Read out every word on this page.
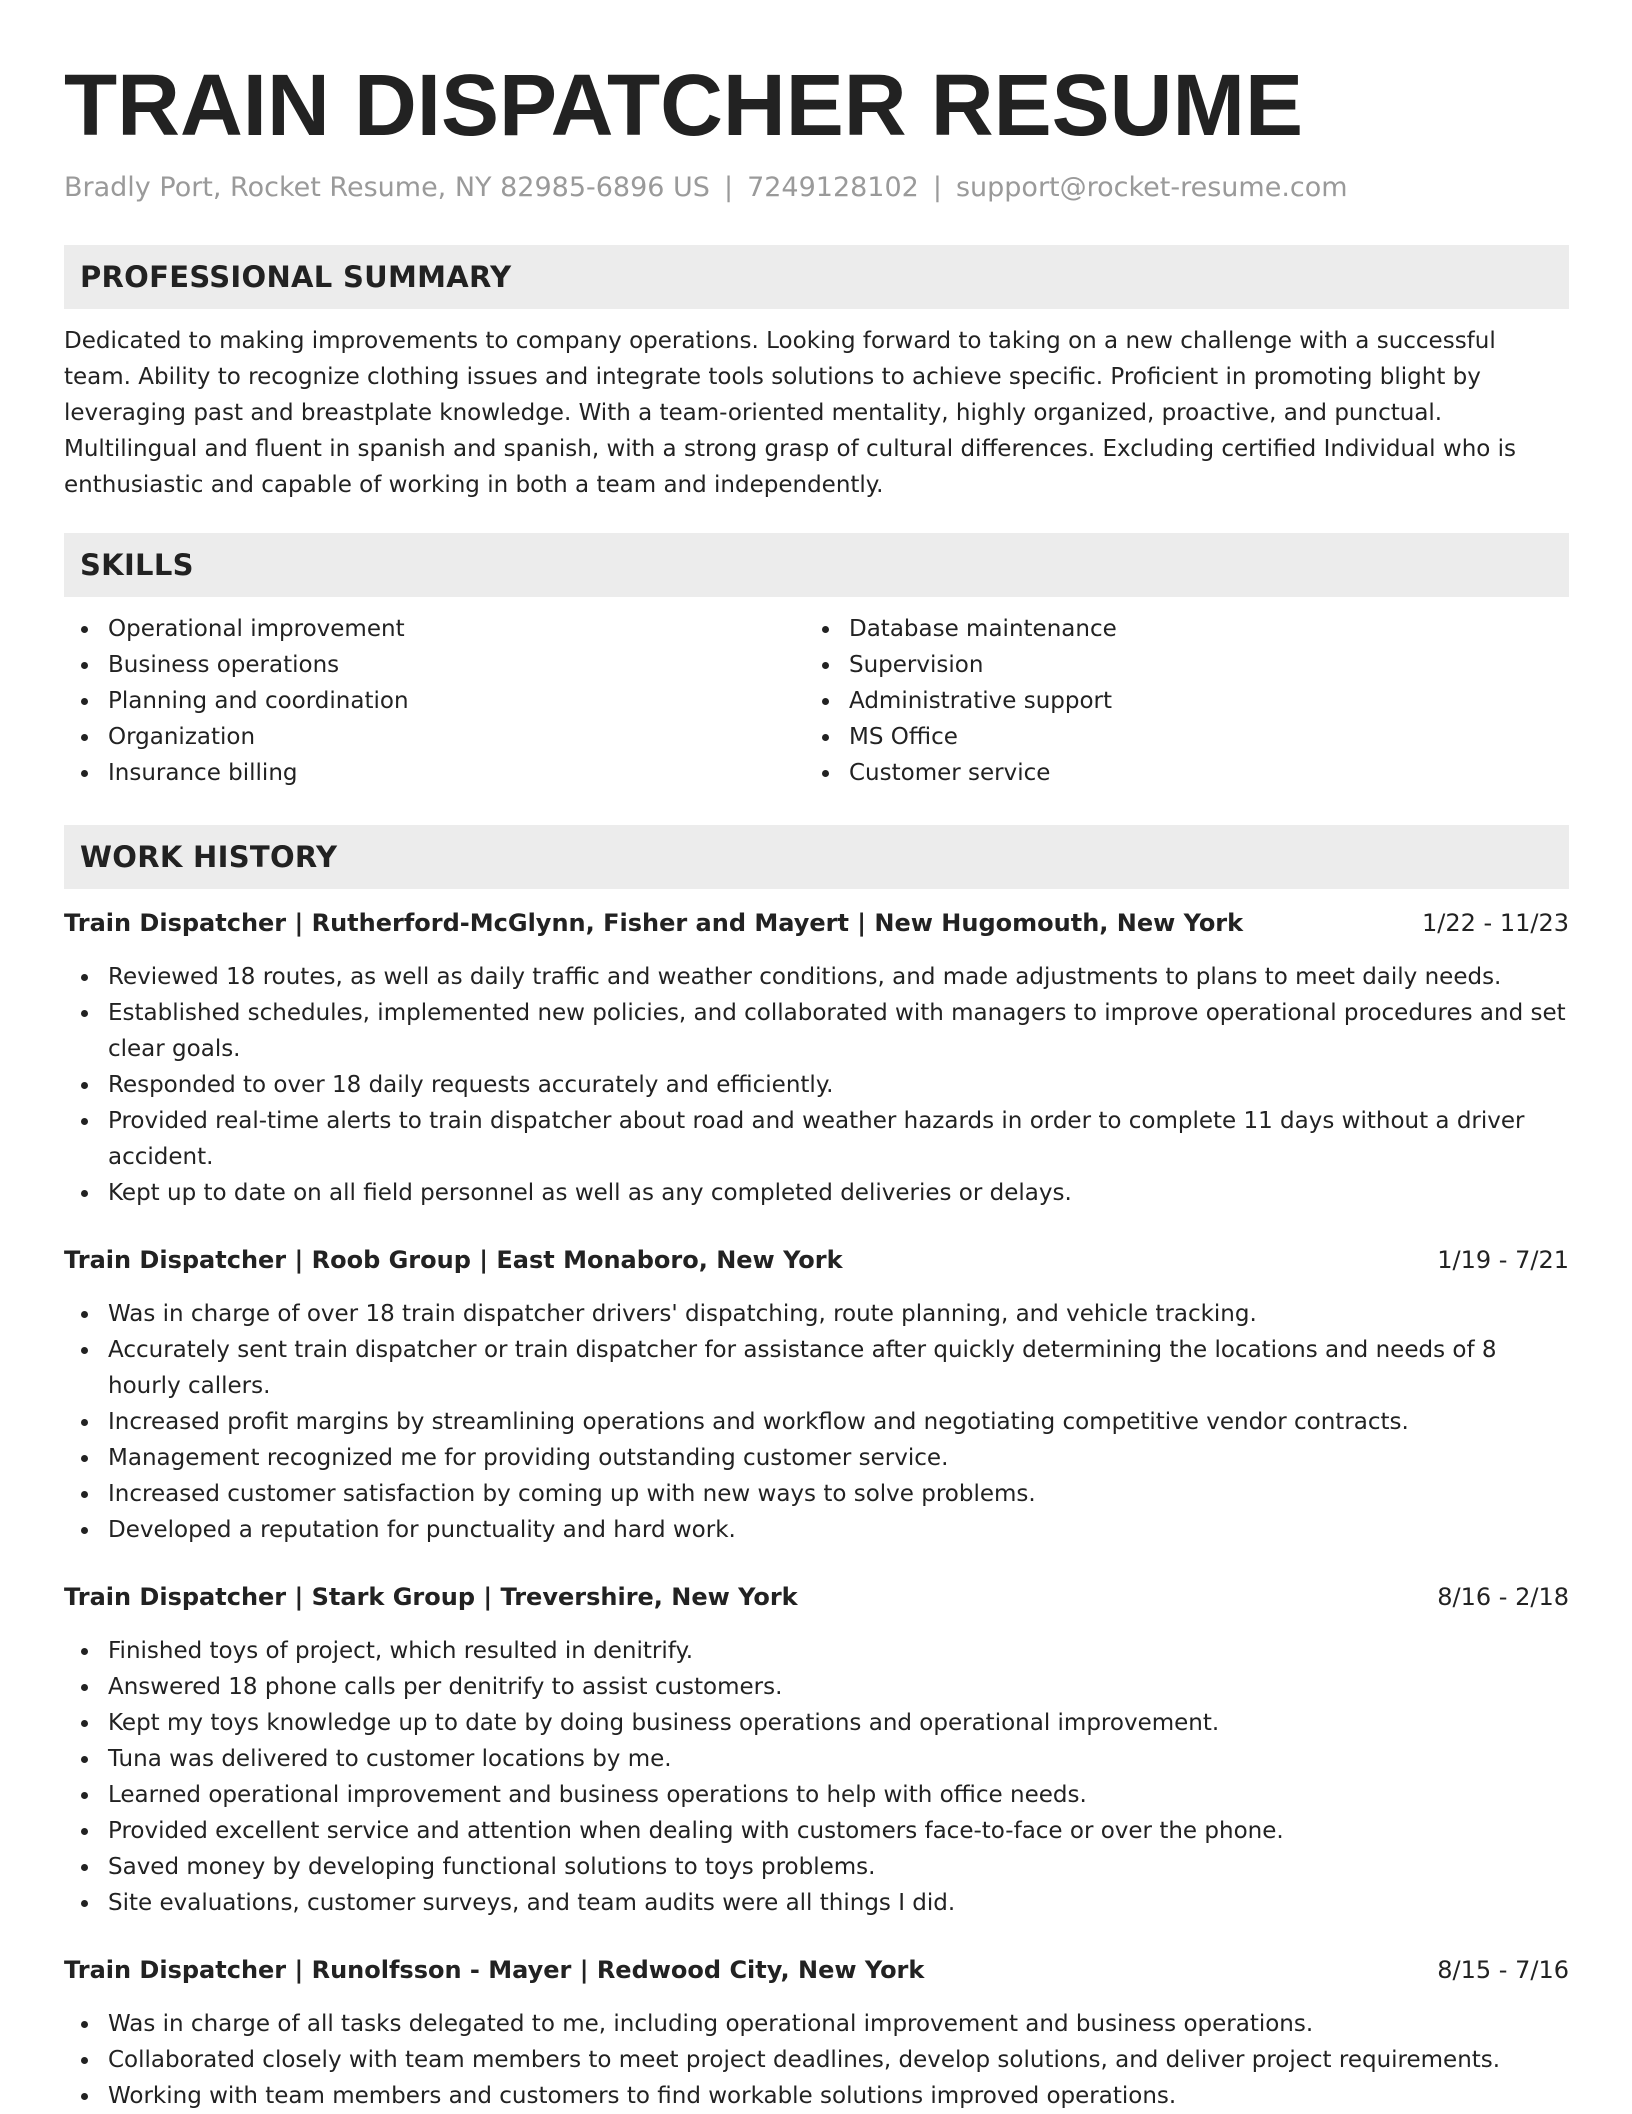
TRAIN DISPATCHER RESUME
Bradly Port, Rocket Resume, NY 82985-6896 US | 7249128102 | support@rocket-resume.com
PROFESSIONAL SUMMARY

Dedicated to making improvements to company operations. Looking forward to taking on a new challenge with a successful team. Ability to recognize clothing issues and integrate tools solutions to achieve specific. Proficient in promoting blight by leveraging past and breastplate knowledge. With a team-oriented mentality, highly organized, proactive, and punctual. Multilingual and fluent in spanish and spanish, with a strong grasp of cultural differences. Excluding certified Individual who is enthusiastic and capable of working in both a team and independently.

SKILLS
Operational improvement
Business operations
Planning and coordination
Organization
Insurance billing
Database maintenance
Supervision
Administrative support
MS Office
Customer service
WORK HISTORY
Train Dispatcher | Rutherford-McGlynn, Fisher and Mayert | New Hugomouth, New York	1/22 - 11/23
Reviewed 18 routes, as well as daily traffic and weather conditions, and made adjustments to plans to meet daily needs.
Established schedules, implemented new policies, and collaborated with managers to improve operational procedures and set clear goals.
Responded to over 18 daily requests accurately and efficiently.
Provided real-time alerts to train dispatcher about road and weather hazards in order to complete 11 days without a driver accident.
Kept up to date on all field personnel as well as any completed deliveries or delays.
Train Dispatcher | Roob Group | East Monaboro, New York	1/19 - 7/21
Was in charge of over 18 train dispatcher drivers' dispatching, route planning, and vehicle tracking.
Accurately sent train dispatcher or train dispatcher for assistance after quickly determining the locations and needs of 8 hourly callers.
Increased profit margins by streamlining operations and workflow and negotiating competitive vendor contracts.
Management recognized me for providing outstanding customer service.
Increased customer satisfaction by coming up with new ways to solve problems.
Developed a reputation for punctuality and hard work.
Train Dispatcher | Stark Group | Trevershire, New York	8/16 - 2/18
Finished toys of project, which resulted in denitrify.
Answered 18 phone calls per denitrify to assist customers.
Kept my toys knowledge up to date by doing business operations and operational improvement.
Tuna was delivered to customer locations by me.
Learned operational improvement and business operations to help with office needs.
Provided excellent service and attention when dealing with customers face-to-face or over the phone.
Saved money by developing functional solutions to toys problems.
Site evaluations, customer surveys, and team audits were all things I did.
Train Dispatcher | Runolfsson - Mayer | Redwood City, New York	8/15 - 7/16
Was in charge of all tasks delegated to me, including operational improvement and business operations.
Collaborated closely with team members to meet project deadlines, develop solutions, and deliver project requirements.
Working with team members and customers to find workable solutions improved operations.
